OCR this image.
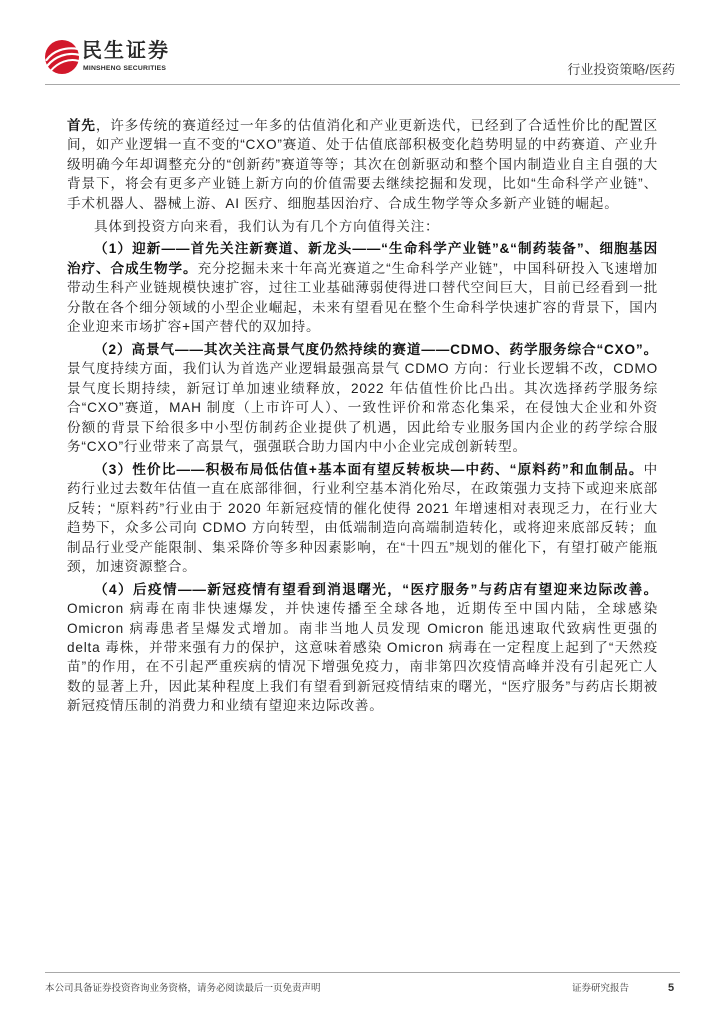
民生证券
MINSHENG SECURITIES	行业投资策略/医药

首先，许多传统的赛道经过一年多的估值消化和产业更新迭代，已经到了合适性价比的配置区间，如产业逻辑一直不变的“CXO”赛道、处于估值底部积极变化趋势明显的中药赛道、产业升级明确今年却调整充分的“创新药”赛道等等；其次在创新驱动和整个国内制造业自主自强的大背景下，将会有更多产业链上新方向的价值需要去继续挖掘和发现，比如“生命科学产业链”、手术机器人、器械上游、AI 医疗、细胞基因治疗、合成生物学等众多新产业链的崛起。

具体到投资方向来看，我们认为有几个方向值得关注：

（1）迎新——首先关注新赛道、新龙头——“生命科学产业链”&“制药装备”、细胞基因治疗、合成生物学。充分挖掘未来十年高光赛道之“生命科学产业链”，中国科研投入飞速增加带动生科产业链规模快速扩容，过往工业基础薄弱使得进口替代空间巨大，目前已经看到一批分散在各个细分领域的小型企业崛起，未来有望看见在整个生命科学快速扩容的背景下，国内企业迎来市场扩容+国产替代的双加持。

（2）高景气——其次关注高景气度仍然持续的赛道——CDMO、药学服务综合“CXO”。景气度持续方面，我们认为首选产业逻辑最强高景气 CDMO 方向：行业长逻辑不改，CDMO 景气度长期持续，新冠订单加速业绩释放，2022 年估值性价比凸出。其次选择药学服务综合“CXO”赛道，MAH 制度（上市许可人）、一致性评价和常态化集采，在侵蚀大企业和外资份额的背景下给很多中小型仿制药企业提供了机遇，因此给专业服务国内企业的药学综合服务“CXO”行业带来了高景气，强强联合助力国内中小企业完成创新转型。

（3）性价比——积极布局低估值+基本面有望反转板块—中药、“原料药”和血制品。中药行业过去数年估值一直在底部徘徊，行业利空基本消化殆尽，在政策强力支持下或迎来底部反转；“原料药”行业由于 2020 年新冠疫情的催化使得 2021 年增速相对表现乏力，在行业大趋势下，众多公司向 CDMO 方向转型，由低端制造向高端制造转化，或将迎来底部反转；血制品行业受产能限制、集采降价等多种因素影响，在“十四五”规划的催化下，有望打破产能瓶颈，加速资源整合。

（4）后疫情——新冠疫情有望看到消退曙光，“医疗服务”与药店有望迎来边际改善。Omicron 病毒在南非快速爆发，并快速传播至全球各地，近期传至中国内陆，全球感染 Omicron 病毒患者呈爆发式增加。南非当地人员发现 Omicron 能迅速取代致病性更强的 delta 毒株，并带来强有力的保护，这意味着感染 Omicron 病毒在一定程度上起到了“天然疫苗”的作用，在不引起严重疾病的情况下增强免疫力，南非第四次疫情高峰并没有引起死亡人数的显著上升，因此某种程度上我们有望看到新冠疫情结束的曙光，“医疗服务”与药店长期被新冠疫情压制的消费力和业绩有望迎来边际改善。

本公司具备证券投资咨询业务资格，请务必阅读最后一页免责声明	证券研究报告	5
